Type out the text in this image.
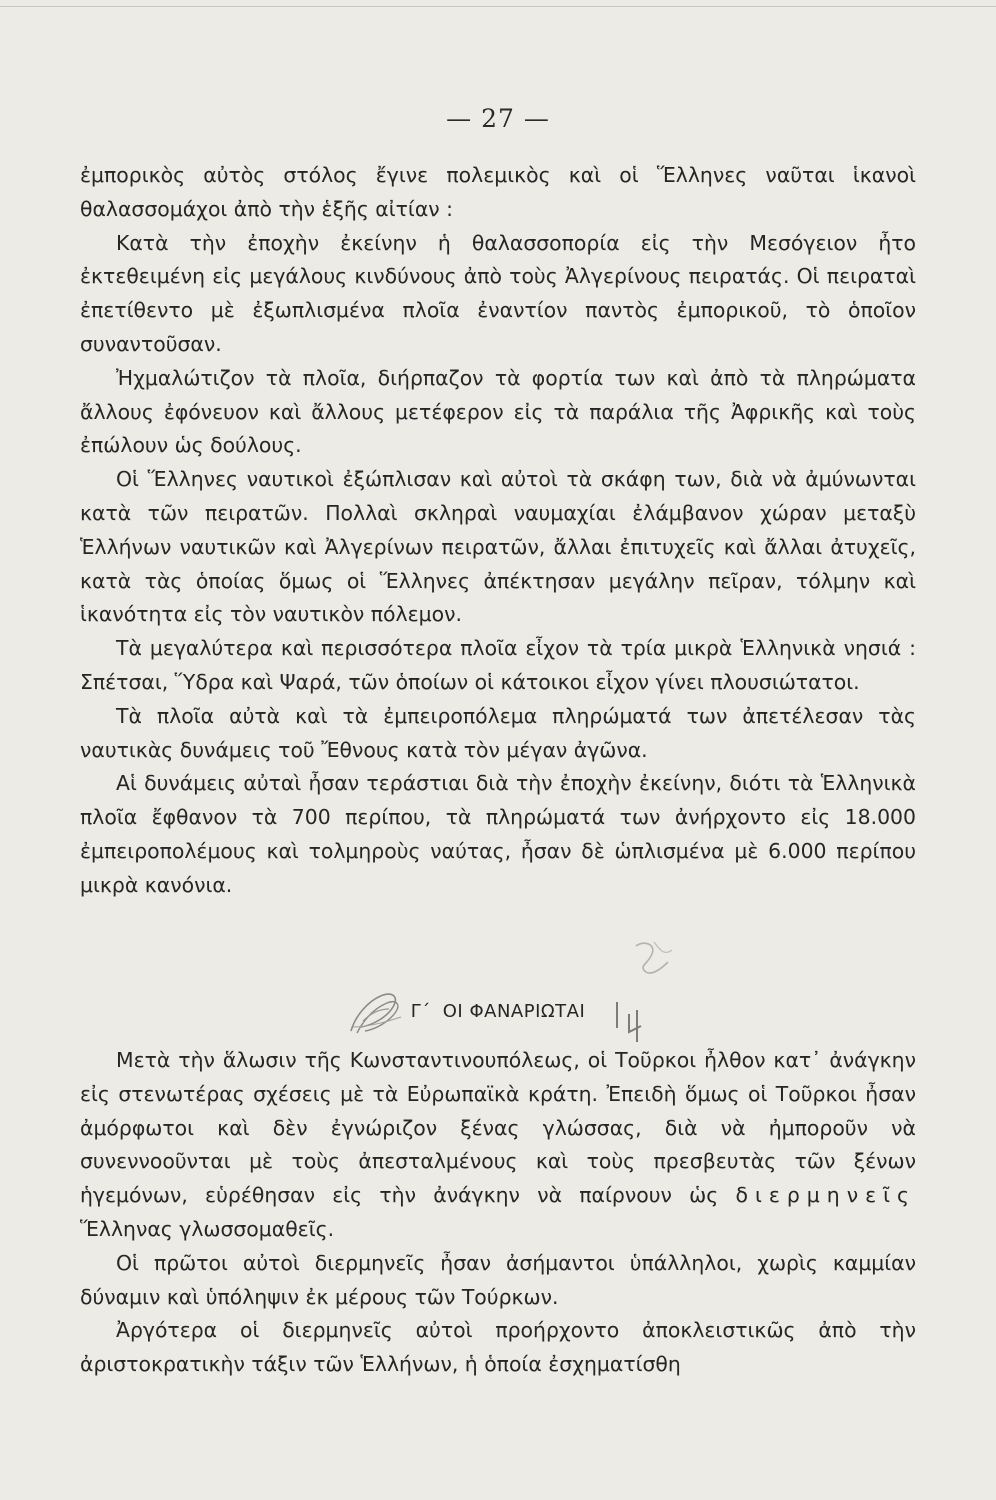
— 27 —

ἐμπορικὸς αὐτὸς στόλος ἔγινε πολεμικὸς καὶ οἱ Ἕλληνες ναῦται ἱκανοὶ θαλασσομάχοι ἀπὸ τὴν ἑξῆς αἰτίαν :

Κατὰ τὴν ἐποχὴν ἐκείνην ἡ θαλασσοπορία εἰς τὴν Μεσόγειον ἦτο ἐκτεθειμένη εἰς μεγάλους κινδύνους ἀπὸ τοὺς Ἀλγερίνους πειρατάς. Οἱ πειραταὶ ἐπετίθεντο μὲ ἐξωπλισμένα πλοῖα ἐναντίον παντὸς ἐμπορικοῦ, τὸ ὁποῖον συναντοῦσαν.

Ἠχμαλώτιζον τὰ πλοῖα, διήρπαζον τὰ φορτία των καὶ ἀπὸ τὰ πληρώματα ἄλλους ἐφόνευον καὶ ἄλλους μετέφερον εἰς τὰ παράλια τῆς Ἀφρικῆς καὶ τοὺς ἐπώλουν ὡς δούλους.

Οἱ Ἕλληνες ναυτικοὶ ἐξώπλισαν καὶ αὐτοὶ τὰ σκάφη των, διὰ νὰ ἀμύνωνται κατὰ τῶν πειρατῶν. Πολλαὶ σκληραὶ ναυμαχίαι ἐλάμβανον χώραν μεταξὺ Ἑλλήνων ναυτικῶν καὶ Ἀλγερίνων πειρατῶν, ἄλλαι ἐπιτυχεῖς καὶ ἄλλαι ἀτυχεῖς, κατὰ τὰς ὁποίας ὅμως οἱ Ἕλληνες ἀπέκτησαν μεγάλην πεῖραν, τόλμην καὶ ἱκανότητα εἰς τὸν ναυτικὸν πόλεμον.

Τὰ μεγαλύτερα καὶ περισσότερα πλοῖα εἶχον τὰ τρία μικρὰ Ἑλληνικὰ νησιά : Σπέτσαι, Ὕδρα καὶ Ψαρά, τῶν ὁποίων οἱ κάτοικοι εἶχον γίνει πλουσιώτατοι.

Τὰ πλοῖα αὐτὰ καὶ τὰ ἐμπειροπόλεμα πληρώματά των ἀπετέλεσαν τὰς ναυτικὰς δυνάμεις τοῦ Ἔθνους κατὰ τὸν μέγαν ἀγῶνα.

Αἱ δυνάμεις αὐταὶ ἦσαν τεράστιαι διὰ τὴν ἐποχὴν ἐκείνην, διότι τὰ Ἑλληνικὰ πλοῖα ἔφθανον τὰ 700 περίπου, τὰ πληρώματά των ἀνήρχοντο εἰς 18.000 ἐμπειροπολέμους καὶ τολμηροὺς ναύτας, ἦσαν δὲ ὡπλισμένα μὲ 6.000 περίπου μικρὰ κανόνια.

Γ´ ΟΙ ΦΑΝΑΡΙΩΤΑΙ

Μετὰ τὴν ἅλωσιν τῆς Κωνσταντινουπόλεως, οἱ Τοῦρκοι ἦλθον κατ᾽ ἀνάγκην εἰς στενωτέρας σχέσεις μὲ τὰ Εὐρωπαϊκὰ κράτη. Ἐπειδὴ ὅμως οἱ Τοῦρκοι ἦσαν ἀμόρφωτοι καὶ δὲν ἐγνώριζον ξένας γλώσσας, διὰ νὰ ἠμποροῦν νὰ συνεννοοῦνται μὲ τοὺς ἀπεσταλμένους καὶ τοὺς πρεσβευτὰς τῶν ξένων ἡγεμόνων, εὑρέθησαν εἰς τὴν ἀνάγκην νὰ παίρνουν ὡς διερμηνεῖς Ἕλληνας γλωσσομαθεῖς.

Οἱ πρῶτοι αὐτοὶ διερμηνεῖς ἦσαν ἀσήμαντοι ὑπάλληλοι, χωρὶς καμμίαν δύναμιν καὶ ὑπόληψιν ἐκ μέρους τῶν Τούρκων.

Ἀργότερα οἱ διερμηνεῖς αὐτοὶ προήρχοντο ἀποκλειστικῶς ἀπὸ τὴν ἀριστοκρατικὴν τάξιν τῶν Ἑλλήνων, ἡ ὁποία ἐσχηματίσθη
